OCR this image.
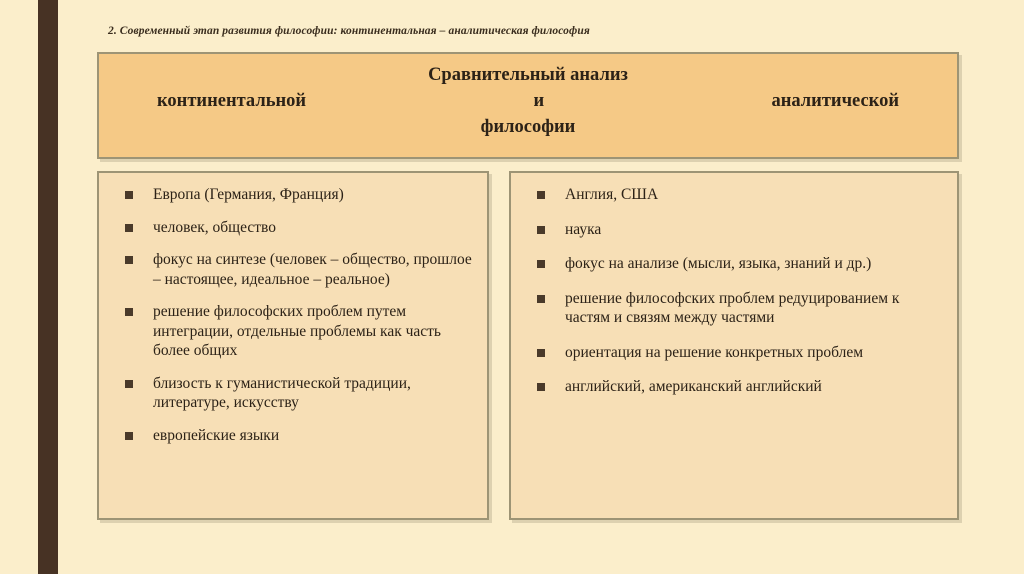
2. Современный этап развития философии: континентальная – аналитическая философия
Сравнительный анализ
континентальной	и	аналитической
философии
Европа (Германия, Франция)
человек, общество
фокус на синтезе (человек – общество, прошлое – настоящее, идеальное – реальное)
решение философских проблем путем интеграции, отдельные проблемы как часть более общих
близость к гуманистической традиции, литературе, искусству
европейские языки
Англия, США
наука
фокус на анализе (мысли, языка, знаний и др.)
решение философских проблем редуцированием к частям и связям между частями
ориентация на решение конкретных проблем
английский, американский английский
